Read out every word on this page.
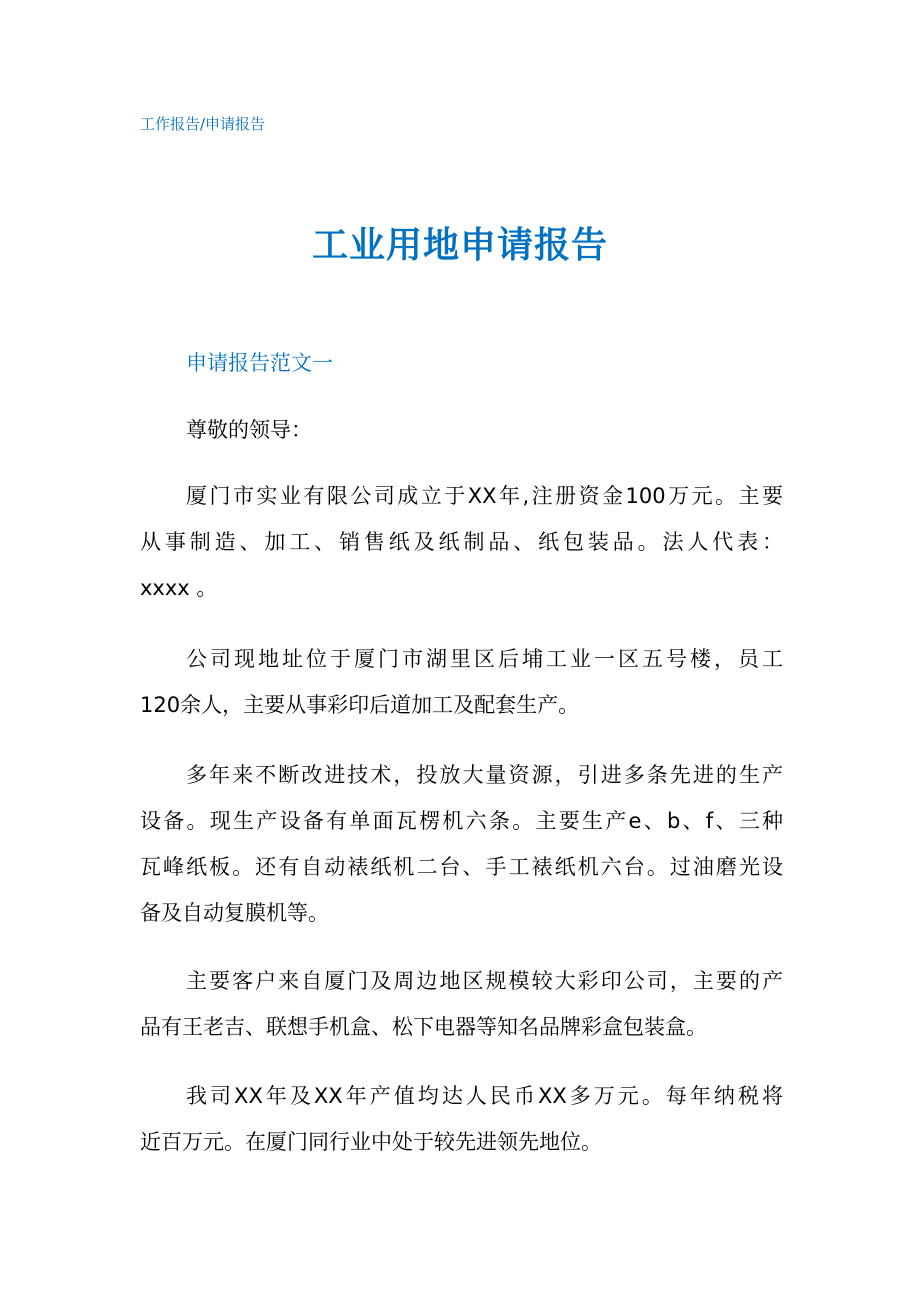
工作报告/申请报告
工业用地申请报告
申请报告范文一
尊敬的领导：
厦门市实业有限公司成立于XX年,注册资金100万元。主要
从事制造、加工、销售纸及纸制品、纸包装品。法人代表：
xxxx 。
公司现地址位于厦门市湖里区后埔工业一区五号楼，员工
120余人，主要从事彩印后道加工及配套生产。
多年来不断改进技术，投放大量资源，引进多条先进的生产
设备。现生产设备有单面瓦楞机六条。主要生产e、b、f、三种
瓦峰纸板。还有自动裱纸机二台、手工裱纸机六台。过油磨光设
备及自动复膜机等。
主要客户来自厦门及周边地区规模较大彩印公司，主要的产
品有王老吉、联想手机盒、松下电器等知名品牌彩盒包装盒。
我司XX年及XX年产值均达人民币XX多万元。每年纳税将
近百万元。在厦门同行业中处于较先进领先地位。
